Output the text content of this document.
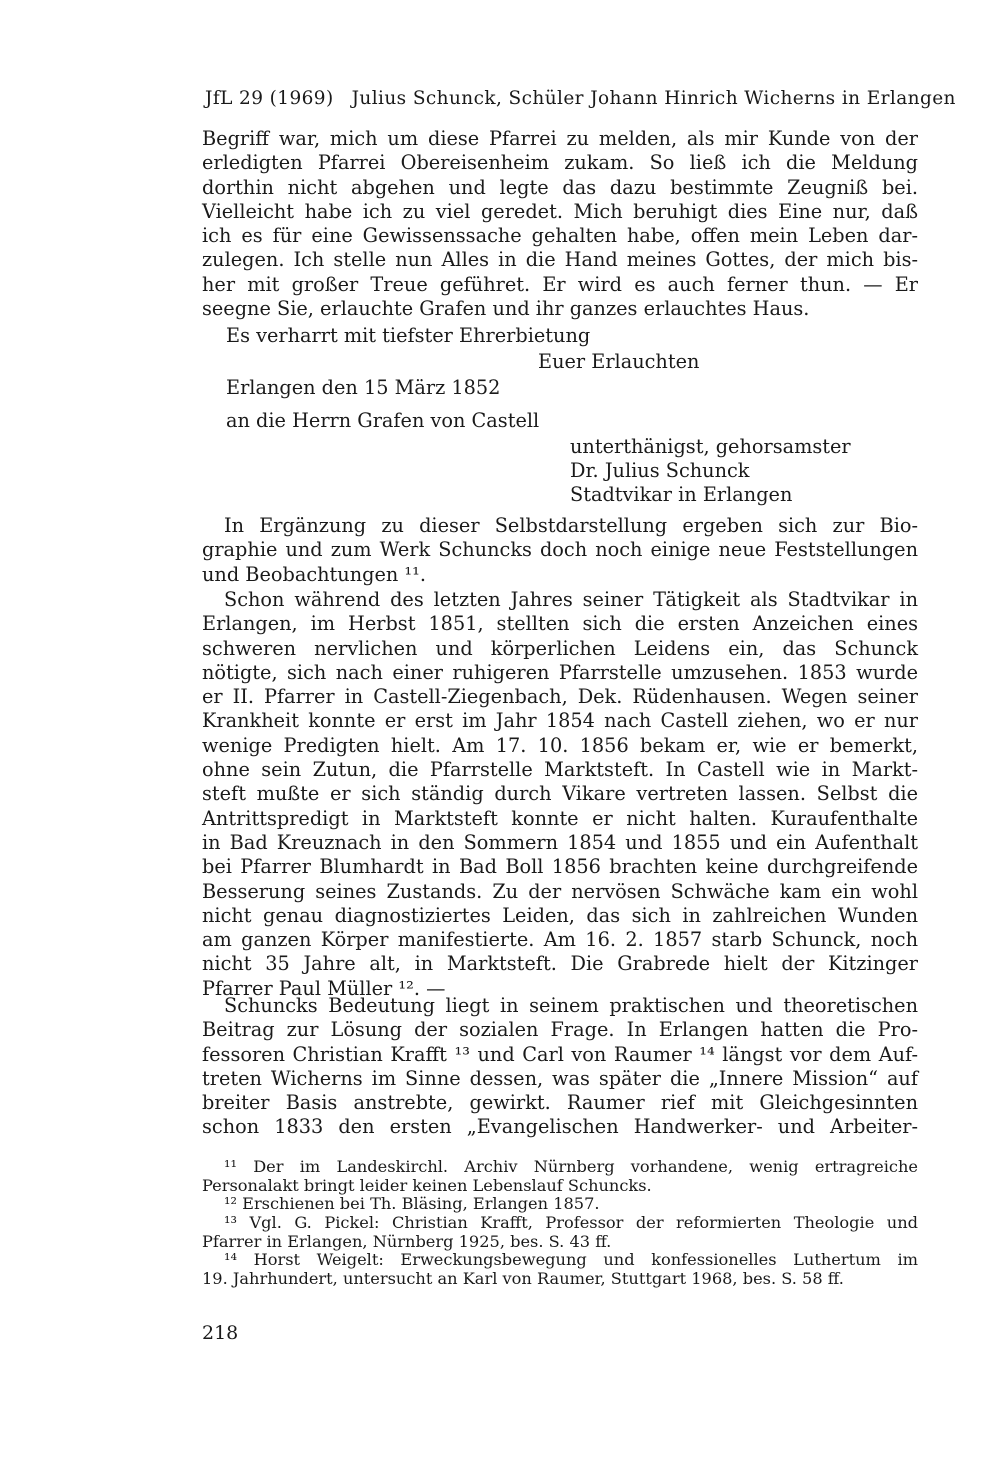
JfL 29 (1969) Julius Schunck, Schüler Johann Hinrich Wicherns in Erlangen
Begriff war, mich um diese Pfarrei zu melden, als mir Kunde von der
erledigten Pfarrei Obereisenheim zukam. So ließ ich die Meldung
dorthin nicht abgehen und legte das dazu bestimmte Zeugniß bei.
Vielleicht habe ich zu viel geredet. Mich beruhigt dies Eine nur, daß
ich es für eine Gewissenssache gehalten habe, offen mein Leben dar-
zulegen. Ich stelle nun Alles in die Hand meines Gottes, der mich bis-
her mit großer Treue geführet. Er wird es auch ferner thun. — Er
seegne Sie, erlauchte Grafen und ihr ganzes erlauchtes Haus.
Es verharrt mit tiefster Ehrerbietung
Euer Erlauchten
Erlangen den 15 März 1852
an die Herrn Grafen von Castell
unterthänigst, gehorsamster
Dr. Julius Schunck
Stadtvikar in Erlangen
In Ergänzung zu dieser Selbstdarstellung ergeben sich zur Bio-
graphie und zum Werk Schuncks doch noch einige neue Feststellungen
und Beobachtungen ¹¹.
Schon während des letzten Jahres seiner Tätigkeit als Stadtvikar in
Erlangen, im Herbst 1851, stellten sich die ersten Anzeichen eines
schweren nervlichen und körperlichen Leidens ein, das Schunck
nötigte, sich nach einer ruhigeren Pfarrstelle umzusehen. 1853 wurde
er II. Pfarrer in Castell-Ziegenbach, Dek. Rüdenhausen. Wegen seiner
Krankheit konnte er erst im Jahr 1854 nach Castell ziehen, wo er nur
wenige Predigten hielt. Am 17. 10. 1856 bekam er, wie er bemerkt,
ohne sein Zutun, die Pfarrstelle Marktsteft. In Castell wie in Markt-
steft mußte er sich ständig durch Vikare vertreten lassen. Selbst die
Antrittspredigt in Marktsteft konnte er nicht halten. Kuraufenthalte
in Bad Kreuznach in den Sommern 1854 und 1855 und ein Aufenthalt
bei Pfarrer Blumhardt in Bad Boll 1856 brachten keine durchgreifende
Besserung seines Zustands. Zu der nervösen Schwäche kam ein wohl
nicht genau diagnostiziertes Leiden, das sich in zahlreichen Wunden
am ganzen Körper manifestierte. Am 16. 2. 1857 starb Schunck, noch
nicht 35 Jahre alt, in Marktsteft. Die Grabrede hielt der Kitzinger
Pfarrer Paul Müller ¹². —
Schuncks Bedeutung liegt in seinem praktischen und theoretischen
Beitrag zur Lösung der sozialen Frage. In Erlangen hatten die Pro-
fessoren Christian Krafft ¹³ und Carl von Raumer ¹⁴ längst vor dem Auf-
treten Wicherns im Sinne dessen, was später die „Innere Mission“ auf
breiter Basis anstrebte, gewirkt. Raumer rief mit Gleichgesinnten
schon 1833 den ersten „Evangelischen Handwerker- und Arbeiter-
¹¹ Der im Landeskirchl. Archiv Nürnberg vorhandene, wenig ertragreiche
Personalakt bringt leider keinen Lebenslauf Schuncks.
¹² Erschienen bei Th. Bläsing, Erlangen 1857.
¹³ Vgl. G. Pickel: Christian Krafft, Professor der reformierten Theologie und
Pfarrer in Erlangen, Nürnberg 1925, bes. S. 43 ff.
¹⁴ Horst Weigelt: Erweckungsbewegung und konfessionelles Luthertum im
19. Jahrhundert, untersucht an Karl von Raumer, Stuttgart 1968, bes. S. 58 ff.
218
